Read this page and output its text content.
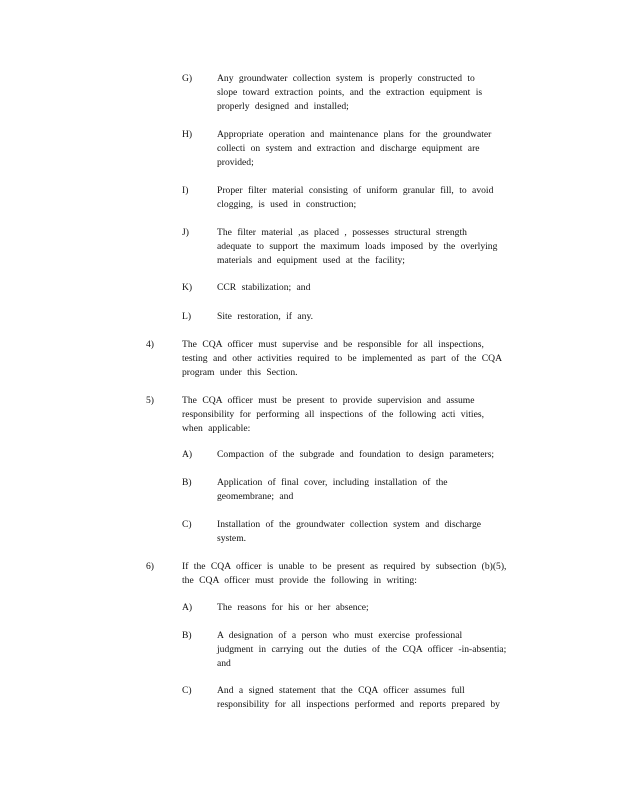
G)	Any groundwater collection system is properly constructed to
slope toward extraction points, and the extraction equipment is
properly designed and installed;
H)	Appropriate operation and maintenance plans for the groundwater
collecti on system and extraction and discharge equipment are
provided;
I)	Proper filter material consisting of uniform granular fill, to avoid
clogging, is used in construction;
J)	The filter material ,as placed , possesses structural strength
adequate to support the maximum loads imposed by the overlying
materials and equipment used at the facility;
K)	CCR stabilization; and
L)	Site restoration, if any.
4)	The CQA officer must supervise and be responsible for all inspections,
testing and other activities required to be implemented as part of the CQA
program under this Section.
5)	The CQA officer must be present to provide supervision and assume
responsibility for performing all inspections of the following acti vities,
when applicable:
A)	Compaction of the subgrade and foundation to design parameters;
B)	Application of final cover, including installation of the
geomembrane; and
C)	Installation of the groundwater collection system and discharge
system.
6)	If the CQA officer is unable to be present as required by subsection (b)(5),
the CQA officer must provide the following in writing:
A)	The reasons for his or her absence;
B)	A designation of a person who must exercise professional
judgment in carrying out the duties of the CQA officer -in-absentia;
and
C)	And a signed statement that the CQA officer assumes full
responsibility for all inspections performed and reports prepared by
